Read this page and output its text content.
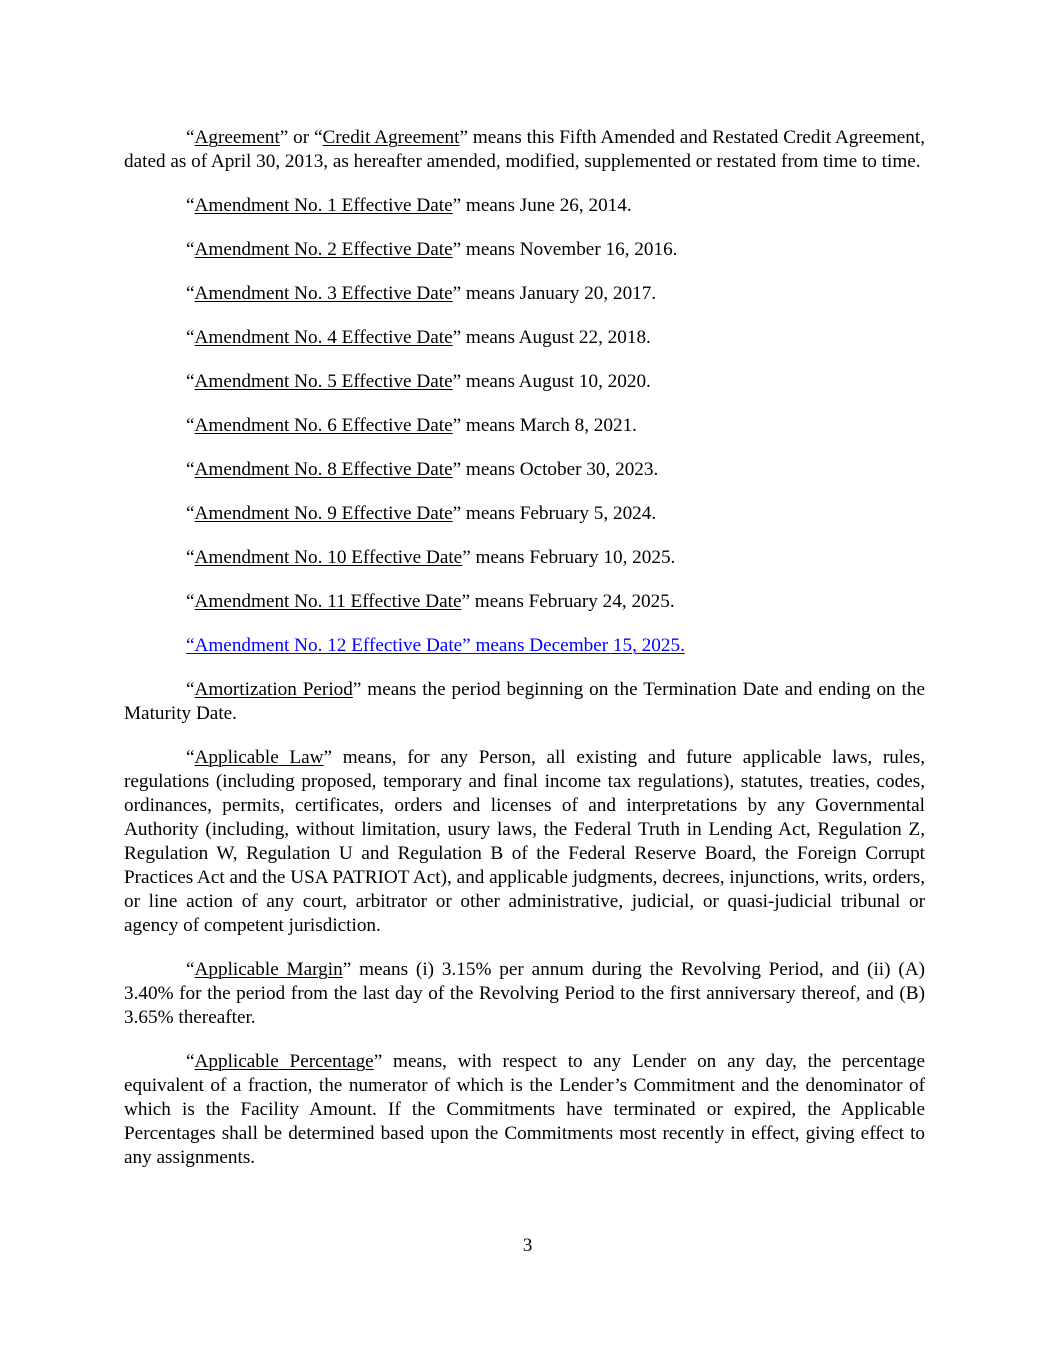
“Agreement” or “Credit Agreement” means this Fifth Amended and Restated Credit Agreement, dated as of April 30, 2013, as hereafter amended, modified, supplemented or restated from time to time.

“Amendment No. 1 Effective Date” means June 26, 2014.

“Amendment No. 2 Effective Date” means November 16, 2016.

“Amendment No. 3 Effective Date” means January 20, 2017.

“Amendment No. 4 Effective Date” means August 22, 2018.

“Amendment No. 5 Effective Date” means August 10, 2020.

“Amendment No. 6 Effective Date” means March 8, 2021.

“Amendment No. 8 Effective Date” means October 30, 2023.

“Amendment No. 9 Effective Date” means February 5, 2024.

“Amendment No. 10 Effective Date” means February 10, 2025.

“Amendment No. 11 Effective Date” means February 24, 2025.

“Amendment No. 12 Effective Date” means December 15, 2025.

“Amortization Period” means the period beginning on the Termination Date and ending on the Maturity Date.

“Applicable Law” means, for any Person, all existing and future applicable laws, rules, regulations (including proposed, temporary and final income tax regulations), statutes, treaties, codes, ordinances, permits, certificates, orders and licenses of and interpretations by any Governmental Authority (including, without limitation, usury laws, the Federal Truth in Lending Act, Regulation Z, Regulation W, Regulation U and Regulation B of the Federal Reserve Board, the Foreign Corrupt Practices Act and the USA PATRIOT Act), and applicable judgments, decrees, injunctions, writs, orders, or line action of any court, arbitrator or other administrative, judicial, or quasi-judicial tribunal or agency of competent jurisdiction.

“Applicable Margin” means (i) 3.15% per annum during the Revolving Period, and (ii) (A) 3.40% for the period from the last day of the Revolving Period to the first anniversary thereof, and (B) 3.65% thereafter.

“Applicable Percentage” means, with respect to any Lender on any day, the percentage equivalent of a fraction, the numerator of which is the Lender’s Commitment and the denominator of which is the Facility Amount. If the Commitments have terminated or expired, the Applicable Percentages shall be determined based upon the Commitments most recently in effect, giving effect to any assignments.

3
